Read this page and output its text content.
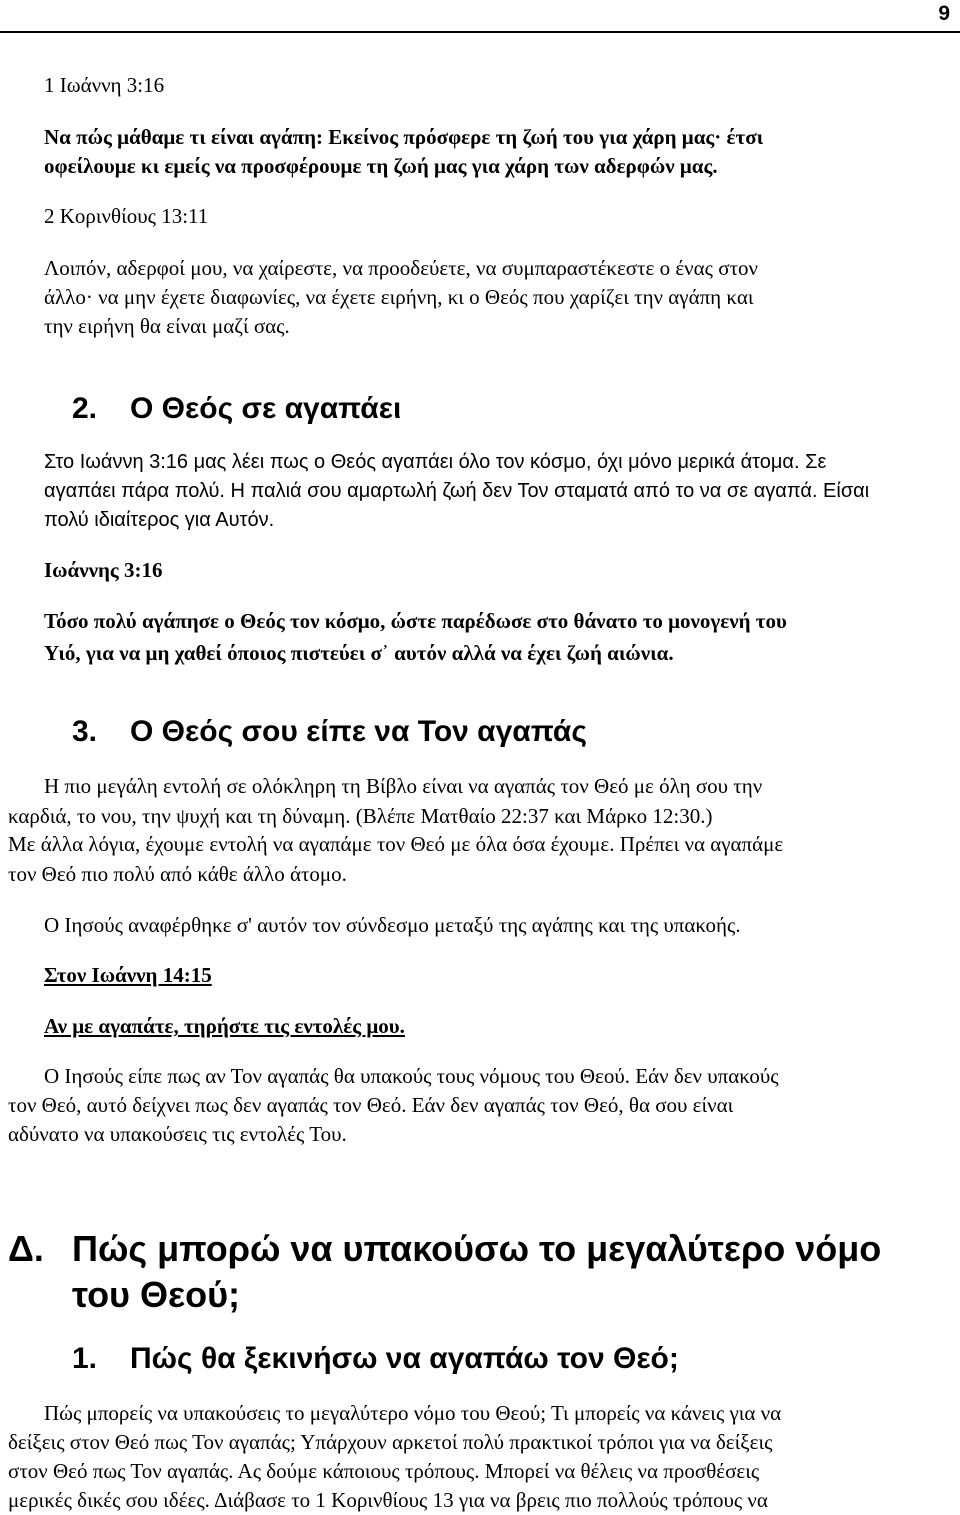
9

1 Ιωάννη 3:16

Να πώς μάθαμε τι είναι αγάπη: Εκείνος πρόσφερε τη ζωή του για χάρη μας· έτσι

οφείλουμε κι εμείς να προσφέρουμε τη ζωή μας για χάρη των αδερφών μας.

2 Κορινθίους 13:11

Λοιπόν, αδερφοί μου, να χαίρεστε, να προοδεύετε, να συμπαραστέκεστε ο ένας στον

άλλο· να μην έχετε διαφωνίες, να έχετε ειρήνη, κι ο Θεός που χαρίζει την αγάπη και

την ειρήνη θα είναι μαζί σας.

2. Ο Θεός σε αγαπάει

Στο Ιωάννη 3:16 μας λέει πως ο Θεός αγαπάει όλο τον κόσμο, όχι μόνο μερικά άτομα. Σε

αγαπάει πάρα πολύ. Η παλιά σου αμαρτωλή ζωή δεν Τον σταματά από το να σε αγαπά. Είσαι

πολύ ιδιαίτερος για Αυτόν.

Ιωάννης 3:16

Τόσο πολύ αγάπησε ο Θεός τον κόσμο, ώστε παρέδωσε στο θάνατο το μονογενή του

Υιό, για να μη χαθεί όποιος πιστεύει σ᾽ αυτόν αλλά να έχει ζωή αιώνια.

3. Ο Θεός σου είπε να Τον αγαπάς

Η πιο μεγάλη εντολή σε ολόκληρη τη Βίβλο είναι να αγαπάς τον Θεό με όλη σου την

καρδιά, το νου, την ψυχή και τη δύναμη. (Βλέπε Ματθαίο 22:37 και Μάρκο 12:30.)

Με άλλα λόγια, έχουμε εντολή να αγαπάμε τον Θεό με όλα όσα έχουμε. Πρέπει να αγαπάμε

τον Θεό πιο πολύ από κάθε άλλο άτομο.

Ο Ιησούς αναφέρθηκε σ' αυτόν τον σύνδεσμο μεταξύ της αγάπης και της υπακοής.

Στον Ιωάννη 14:15

Αν με αγαπάτε, τηρήστε τις εντολές μου.

Ο Ιησούς είπε πως αν Τον αγαπάς θα υπακούς τους νόμους του Θεού. Εάν δεν υπακούς

τον Θεό, αυτό δείχνει πως δεν αγαπάς τον Θεό. Εάν δεν αγαπάς τον Θεό, θα σου είναι

αδύνατο να υπακούσεις τις εντολές Του.

Δ. Πώς μπορώ να υπακούσω το μεγαλύτερο νόμο
του Θεού;
1. Πώς θα ξεκινήσω να αγαπάω τον Θεό;

Πώς μπορείς να υπακούσεις το μεγαλύτερο νόμο του Θεού; Τι μπορείς να κάνεις για να

δείξεις στον Θεό πως Τον αγαπάς; Υπάρχουν αρκετοί πολύ πρακτικοί τρόποι για να δείξεις

στον Θεό πως Τον αγαπάς. Ας δούμε κάποιους τρόπους. Μπορεί να θέλεις να προσθέσεις

μερικές δικές σου ιδέες. Διάβασε το 1 Κορινθίους 13 για να βρεις πιο πολλούς τρόπους να
